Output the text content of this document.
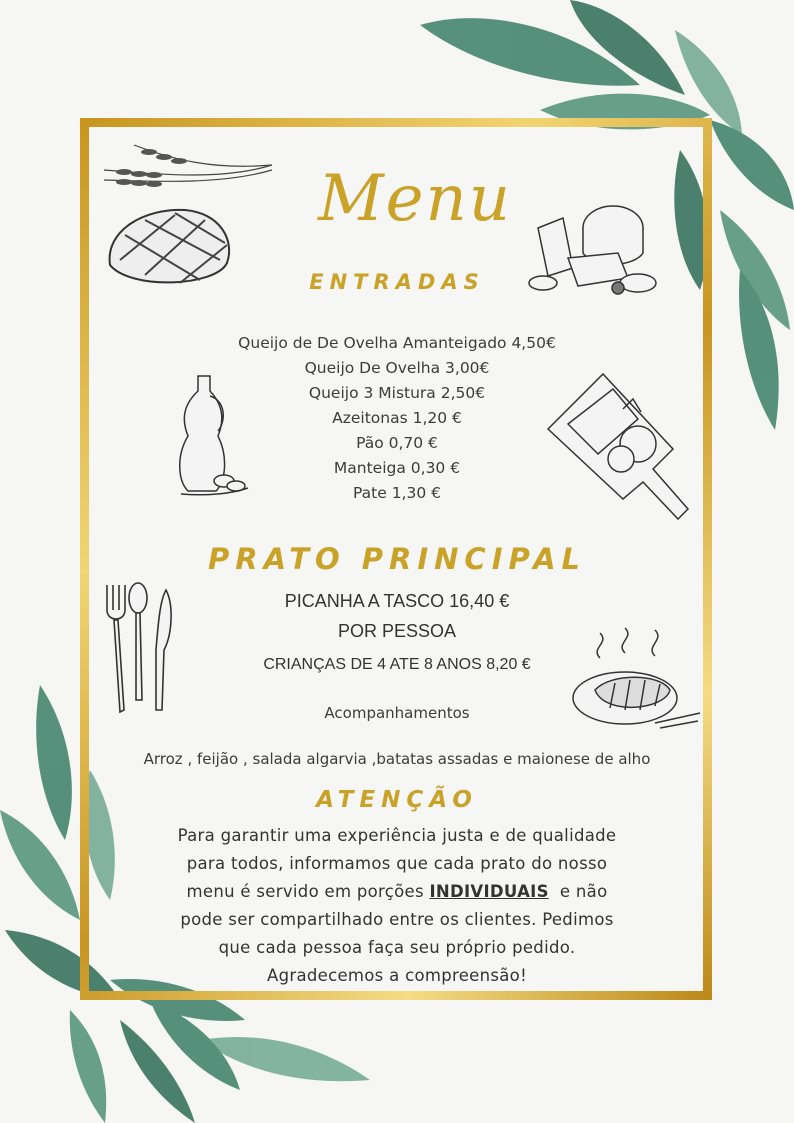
Menu
ENTRADAS
Queijo de De Ovelha Amanteigado 4,50€
Queijo De Ovelha 3,00€
Queijo 3 Mistura 2,50€
Azeitonas 1,20 €
Pão 0,70 €
Manteiga 0,30 €
Pate 1,30 €
PRATO PRINCIPAL
PICANHA A TASCO 16,40 €
POR PESSOA
CRIANÇAS DE 4 ATE 8 ANOS 8,20 €
Acompanhamentos
Arroz , feijão , salada algarvia ,batatas assadas e maionese de alho
ATENÇÃO
Para garantir uma experiência justa e de qualidade
para todos, informamos que cada prato do nosso
menu é servido em porções INDIVIDUAIS  e não
pode ser compartilhado entre os clientes. Pedimos
que cada pessoa faça seu próprio pedido.
Agradecemos a compreensão!
